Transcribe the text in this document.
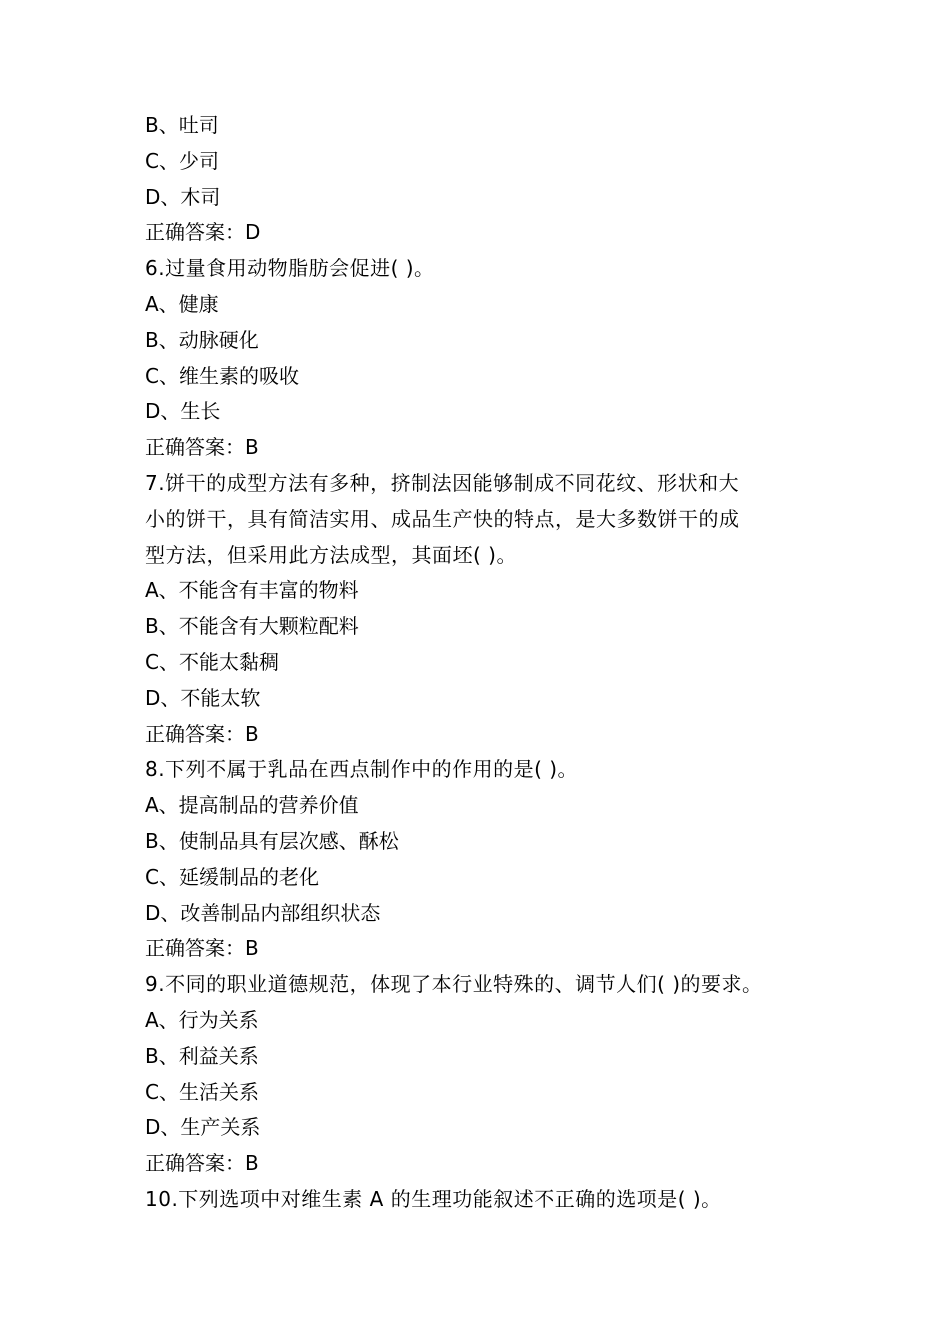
B、吐司
C、少司
D、木司
正确答案：D
6.过量食用动物脂肪会促进( )。
A、健康
B、动脉硬化
C、维生素的吸收
D、生长
正确答案：B
7.饼干的成型方法有多种，挤制法因能够制成不同花纹、形状和大
小的饼干，具有简洁实用、成品生产快的特点，是大多数饼干的成
型方法，但采用此方法成型，其面坯( )。
A、不能含有丰富的物料
B、不能含有大颗粒配料
C、不能太黏稠
D、不能太软
正确答案：B
8.下列不属于乳品在西点制作中的作用的是( )。
A、提高制品的营养价值
B、使制品具有层次感、酥松
C、延缓制品的老化
D、改善制品内部组织状态
正确答案：B
9.不同的职业道德规范，体现了本行业特殊的、调节人们( )的要求。
A、行为关系
B、利益关系
C、生活关系
D、生产关系
正确答案：B
10.下列选项中对维生素 A 的生理功能叙述不正确的选项是( )。
